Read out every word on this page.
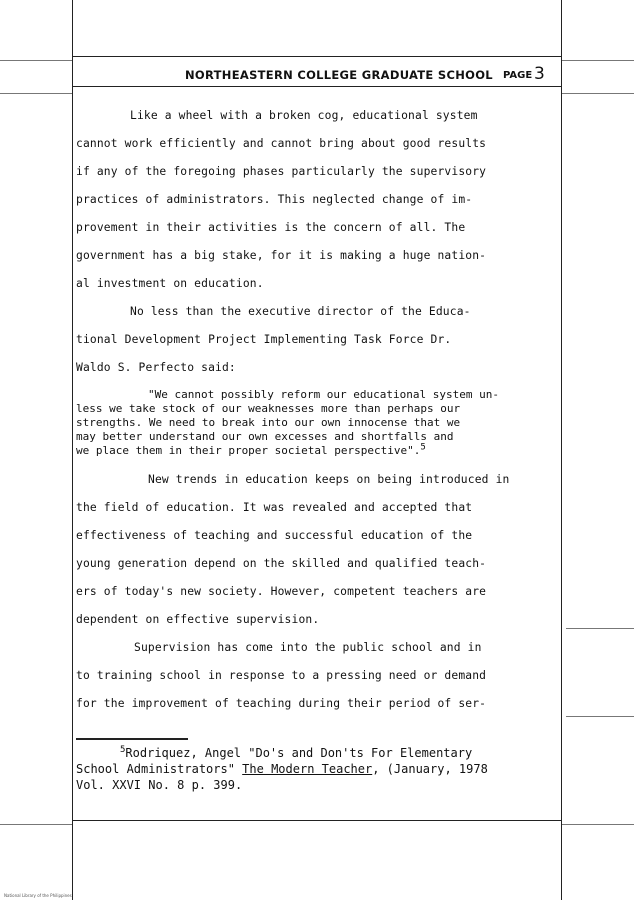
NORTHEASTERN COLLEGE GRADUATE SCHOOL PAGE 3
Like a wheel with a broken cog, educational system
cannot work efficiently and cannot bring about good results
if any of the foregoing phases particularly the supervisory
practices of administrators. This neglected change of im-
provement in their activities is the concern of all. The
government has a big stake, for it is making a huge nation-
al investment on education.
No less than the executive director of the Educa-
tional Development Project Implementing Task Force Dr.
Waldo S. Perfecto said:
"We cannot possibly reform our educational system un-
less we take stock of our weaknesses more than perhaps our
strengths. We need to break into our own innocense that we
may better understand our own excesses and shortfalls and
we place them in their proper societal perspective".$^5$
New trends in education keeps on being introduced in
the field of education. It was revealed and accepted that
effectiveness of teaching and successful education of the
young generation depend on the skilled and qualified teach-
ers of today's new society. However, competent teachers are
dependent on effective supervision.
Supervision has come into the public school and in
to training school in response to a pressing need or demand
for the improvement of teaching during their period of ser-
$^5$Rodriquez, Angel "Do's and Don'ts For Elementary
School Administrators" The Modern Teacher, (January, 1978
Vol. XXVI No. 8 p. 399.
National Library of the Philippines
